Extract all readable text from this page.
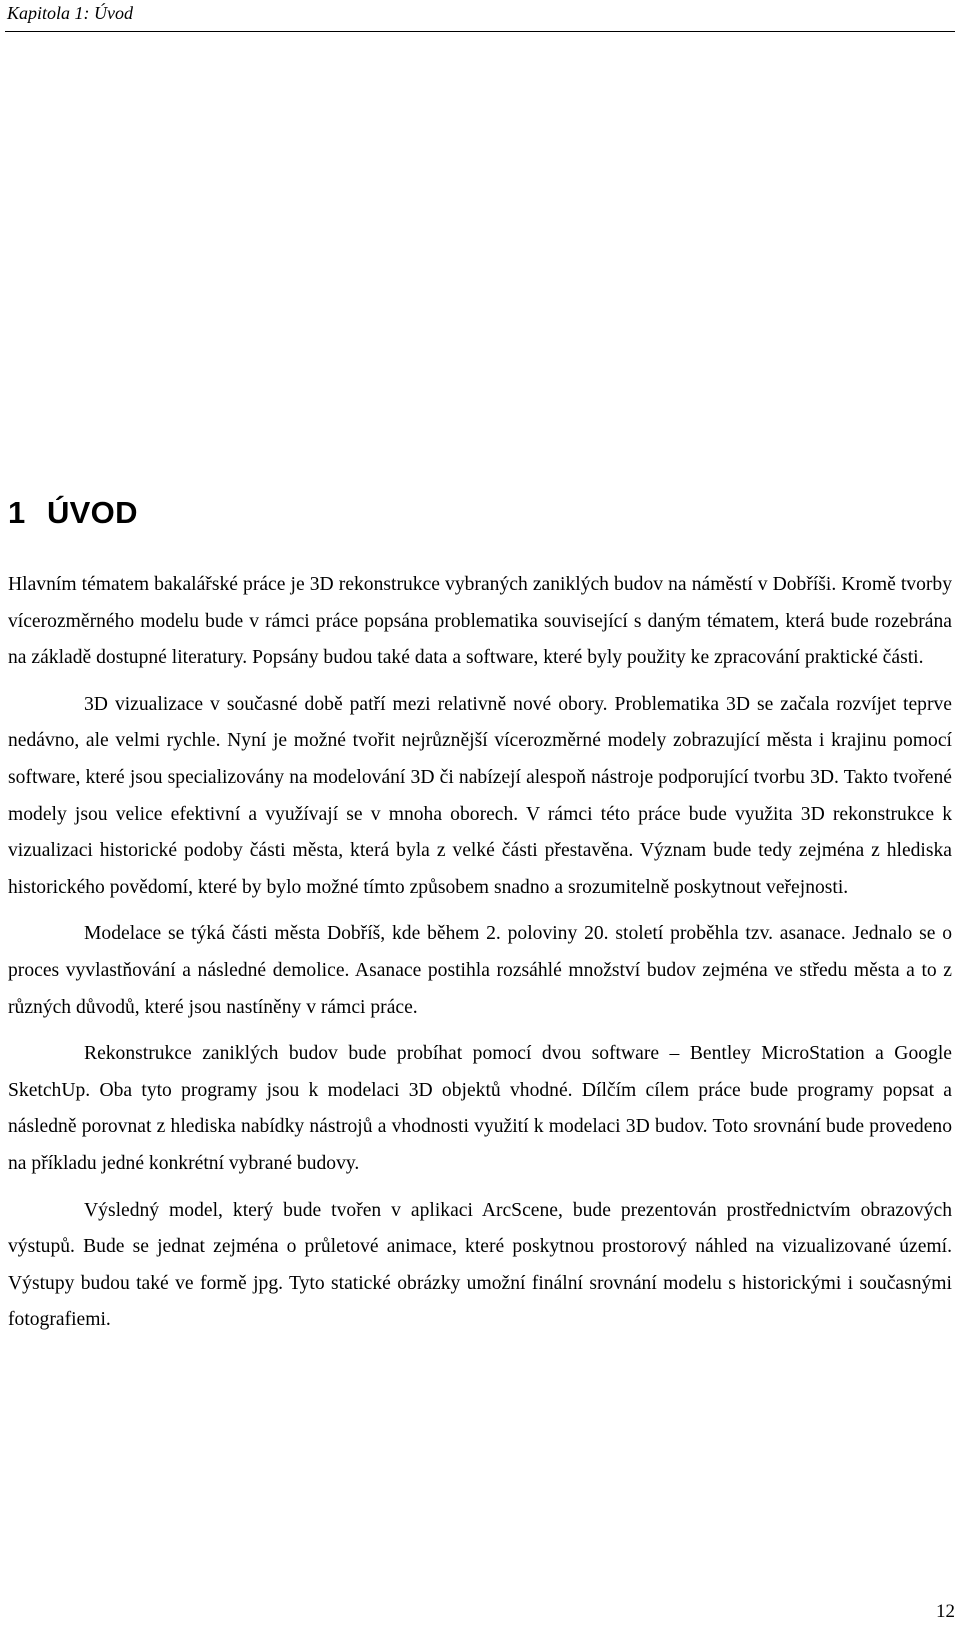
Kapitola 1: Úvod
1 ÚVOD

Hlavním tématem bakalářské práce je 3D rekonstrukce vybraných zaniklých budov na náměstí v Dobříši. Kromě tvorby vícerozměrného modelu bude v rámci práce popsána problematika související s daným tématem, která bude rozebrána na základě dostupné literatury. Popsány budou také data a software, které byly použity ke zpracování praktické části.

3D vizualizace v současné době patří mezi relativně nové obory. Problematika 3D se začala rozvíjet teprve nedávno, ale velmi rychle. Nyní je možné tvořit nejrůznější vícerozměrné modely zobrazující města i krajinu pomocí software, které jsou specializovány na modelování 3D či nabízejí alespoň nástroje podporující tvorbu 3D. Takto tvořené modely jsou velice efektivní a využívají se v mnoha oborech. V rámci této práce bude využita 3D rekonstrukce k vizualizaci historické podoby části města, která byla z velké části přestavěna. Význam bude tedy zejména z hlediska historického povědomí, které by bylo možné tímto způsobem snadno a srozumitelně poskytnout veřejnosti.

Modelace se týká části města Dobříš, kde během 2. poloviny 20. století proběhla tzv. asanace. Jednalo se o proces vyvlastňování a následné demolice. Asanace postihla rozsáhlé množství budov zejména ve středu města a to z různých důvodů, které jsou nastíněny v rámci práce.

Rekonstrukce zaniklých budov bude probíhat pomocí dvou software – Bentley MicroStation a Google SketchUp. Oba tyto programy jsou k modelaci 3D objektů vhodné. Dílčím cílem práce bude programy popsat a následně porovnat z hlediska nabídky nástrojů a vhodnosti využití k modelaci 3D budov. Toto srovnání bude provedeno na příkladu jedné konkrétní vybrané budovy.

Výsledný model, který bude tvořen v aplikaci ArcScene, bude prezentován prostřednictvím obrazových výstupů. Bude se jednat zejména o průletové animace, které poskytnou prostorový náhled na vizualizované území. Výstupy budou také ve formě jpg. Tyto statické obrázky umožní finální srovnání modelu s historickými i současnými fotografiemi.

12
